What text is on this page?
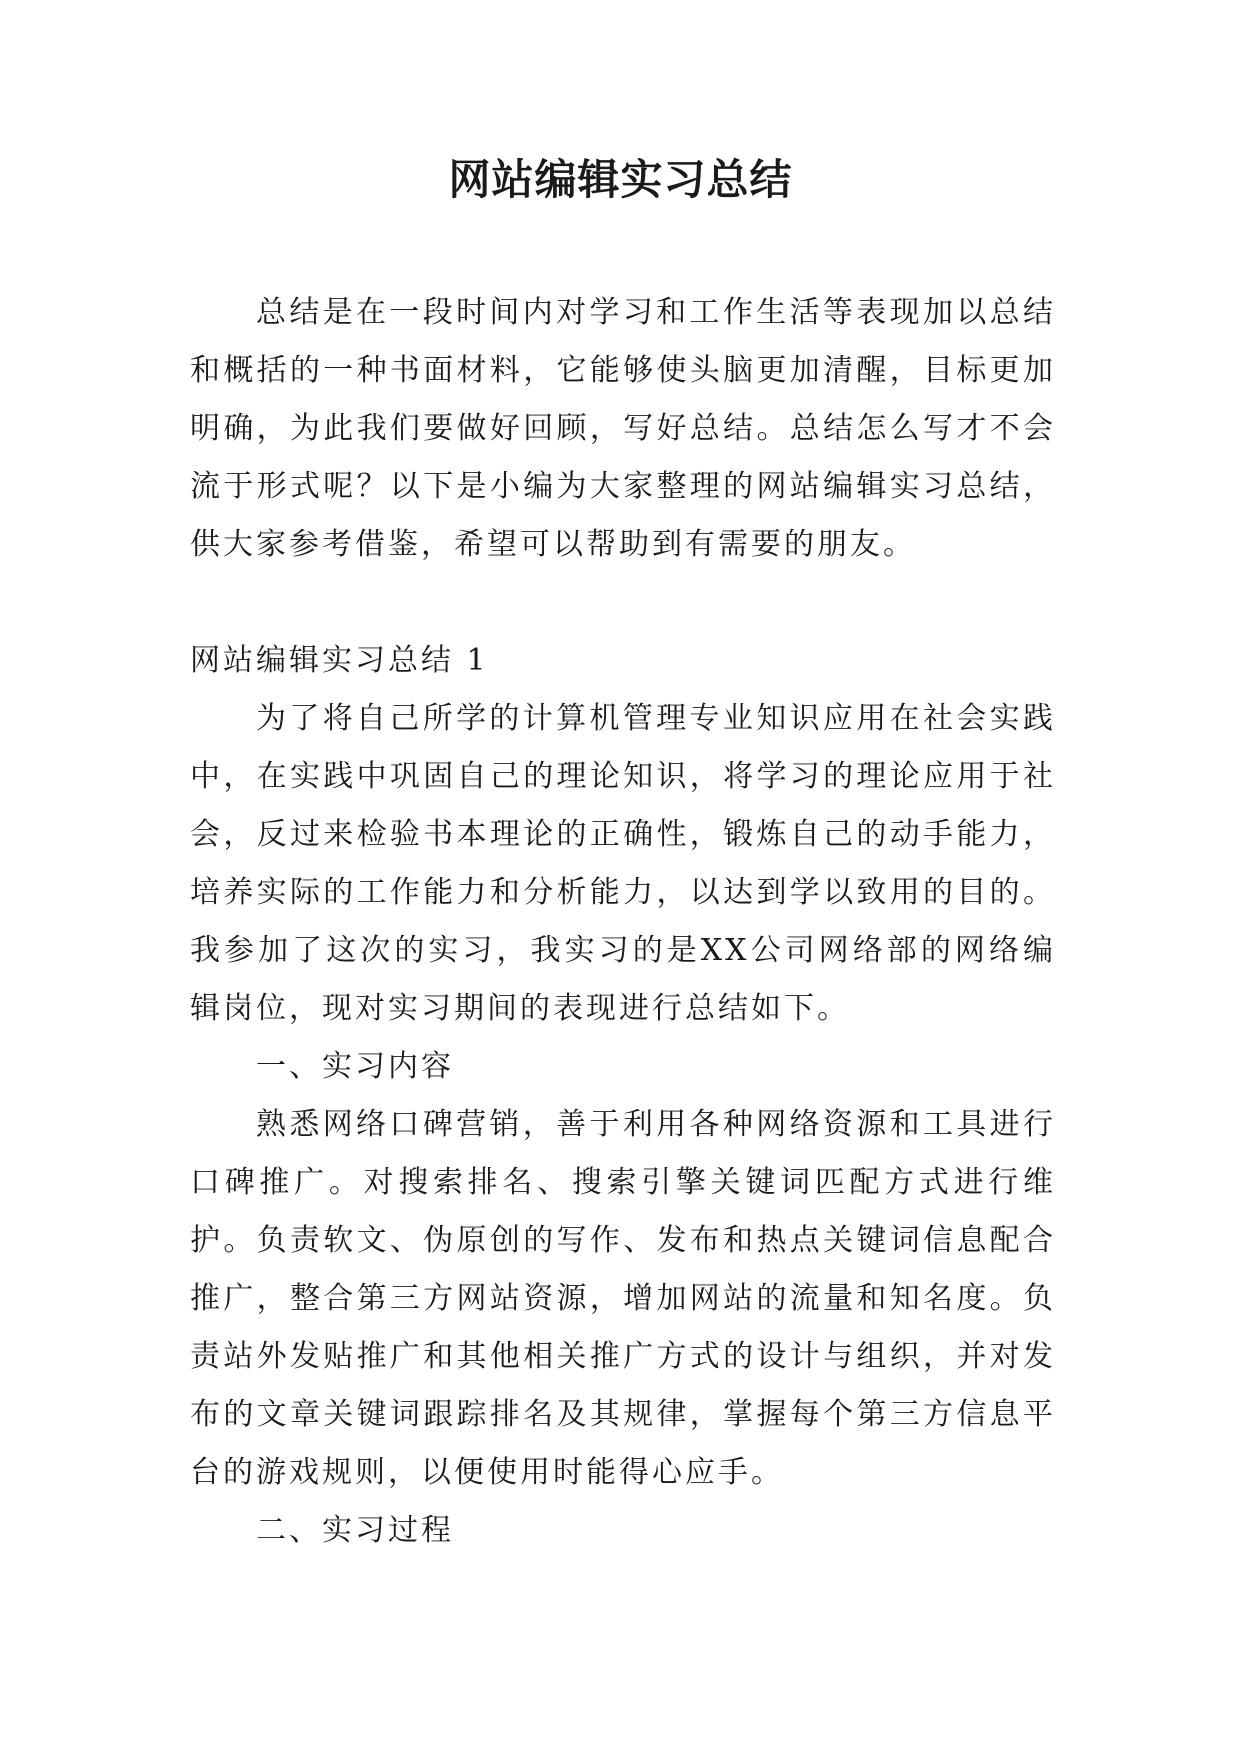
网站编辑实习总结

总结是在一段时间内对学习和工作生活等表现加以总结和概括的一种书面材料，它能够使头脑更加清醒，目标更加明确，为此我们要做好回顾，写好总结。总结怎么写才不会流于形式呢？以下是小编为大家整理的网站编辑实习总结，供大家参考借鉴，希望可以帮助到有需要的朋友。

网站编辑实习总结 1

为了将自己所学的计算机管理专业知识应用在社会实践中，在实践中巩固自己的理论知识，将学习的理论应用于社会，反过来检验书本理论的正确性，锻炼自己的动手能力，培养实际的工作能力和分析能力，以达到学以致用的目的。我参加了这次的实习，我实习的是XX公司网络部的网络编辑岗位，现对实习期间的表现进行总结如下。

一、实习内容

熟悉网络口碑营销，善于利用各种网络资源和工具进行口碑推广。对搜索排名、搜索引擎关键词匹配方式进行维护。负责软文、伪原创的写作、发布和热点关键词信息配合推广，整合第三方网站资源，增加网站的流量和知名度。负责站外发贴推广和其他相关推广方式的设计与组织，并对发布的文章关键词跟踪排名及其规律，掌握每个第三方信息平台的游戏规则，以便使用时能得心应手。

二、实习过程
